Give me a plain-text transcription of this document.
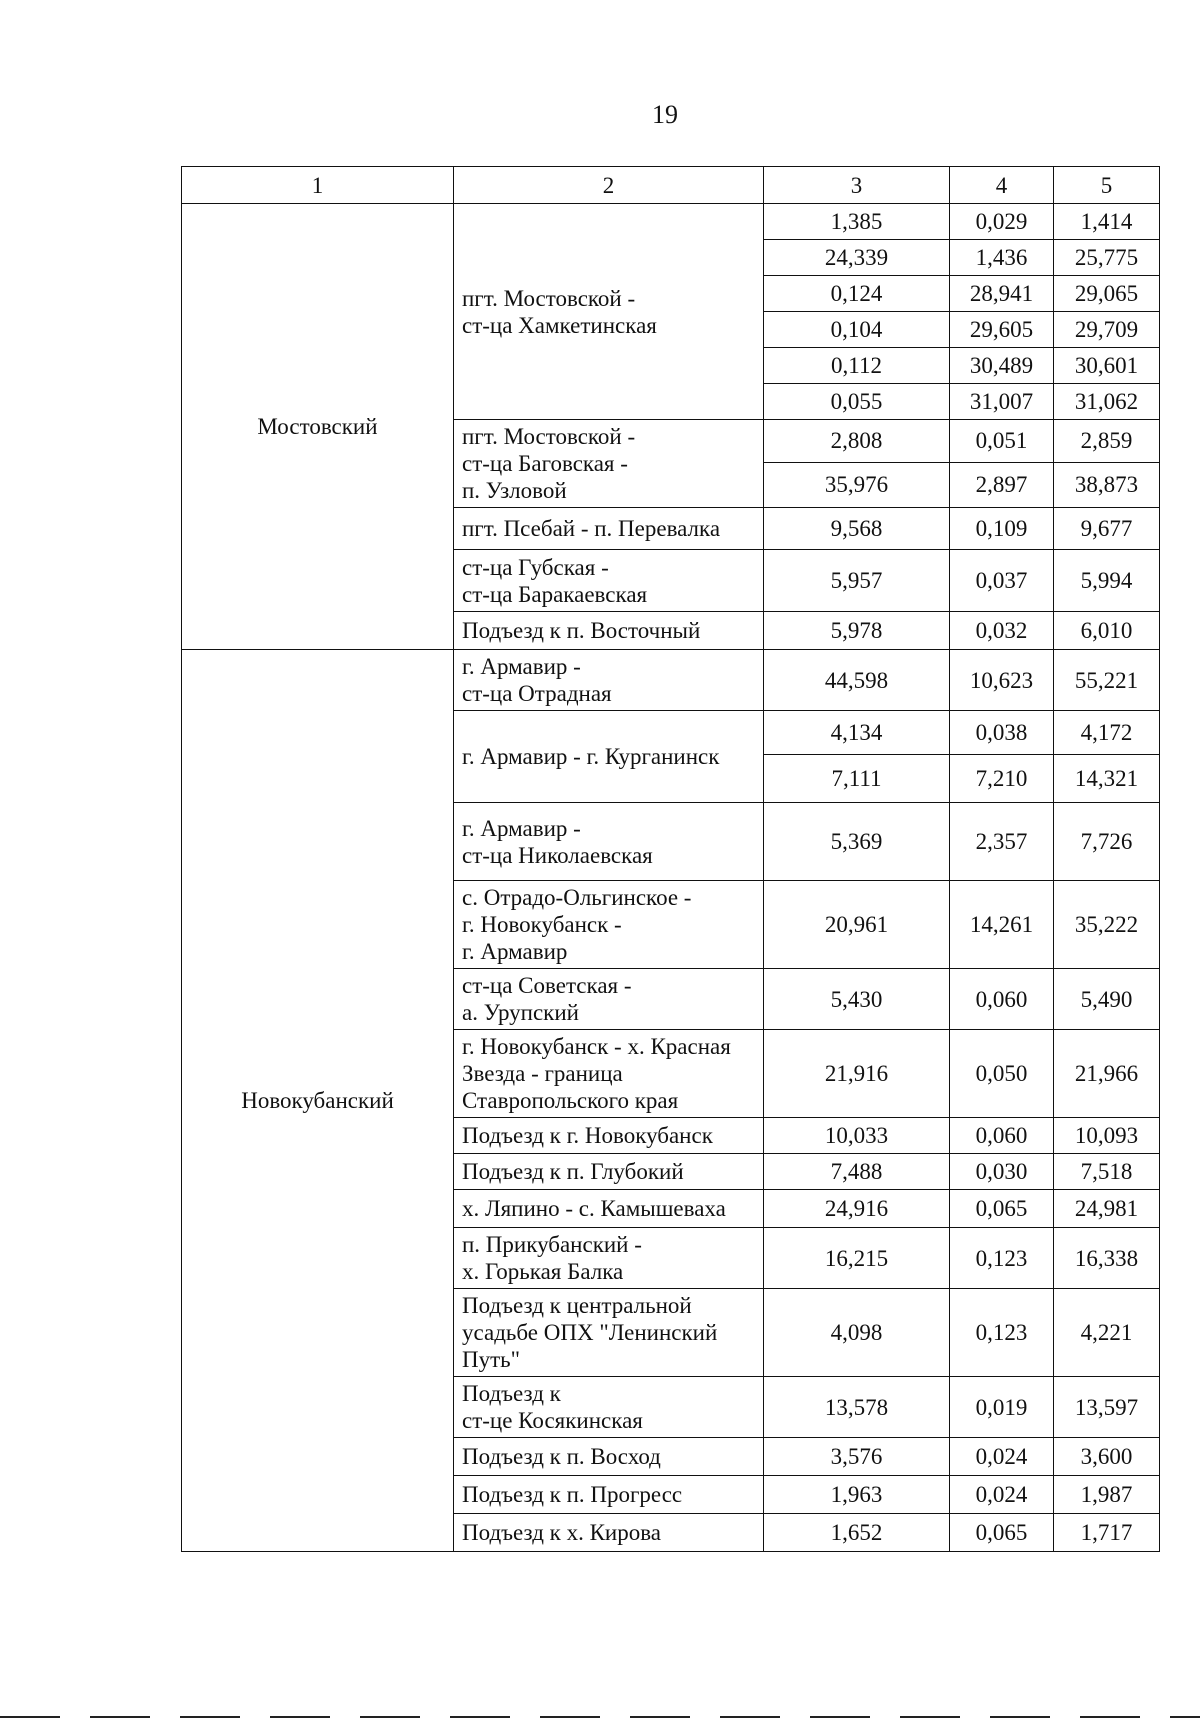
19
1	2	3	4	5
Мостовский	пгт. Мостовской -
ст-ца Хамкетинская	1,385	0,029	1,414
		24,339	1,436	25,775
		0,124	28,941	29,065
		0,104	29,605	29,709
		0,112	30,489	30,601
		0,055	31,007	31,062

	пгт. Мостовской -
ст-ца Баговская -
п. Узловой	2,808	0,051	2,859
		35,976	2,897	38,873

	пгт. Псебай - п. Перевалка	9,568	0,109	9,677

	ст-ца Губская -
ст-ца Баракаевская	5,957	0,037	5,994

	Подъезд к п. Восточный	5,978	0,032	6,010
Новокубанский	г. Армавир -
ст-ца Отрадная	44,598	10,623	55,221

	г. Армавир - г. Курганинск	4,134	0,038	4,172
		7,111	7,210	14,321

	г. Армавир -
ст-ца Николаевская	5,369	2,357	7,726

	с. Отрадо-Ольгинское -
г. Новокубанск -
г. Армавир	20,961	14,261	35,222

	ст-ца Советская -
а. Урупский	5,430	0,060	5,490

	г. Новокубанск - х. Красная
Звезда - граница
Ставропольского края	21,916	0,050	21,966

	Подъезд к г. Новокубанск	10,033	0,060	10,093

	Подъезд к п. Глубокий	7,488	0,030	7,518

	х. Ляпино - с. Камышеваха	24,916	0,065	24,981

	п. Прикубанский -
х. Горькая Балка	16,215	0,123	16,338

	Подъезд к центральной
усадьбе ОПХ "Ленинский
Путь"	4,098	0,123	4,221

	Подъезд к
ст-це Косякинская	13,578	0,019	13,597

	Подъезд к п. Восход	3,576	0,024	3,600

	Подъезд к п. Прогресс	1,963	0,024	1,987

	Подъезд к х. Кирова	1,652	0,065	1,717
